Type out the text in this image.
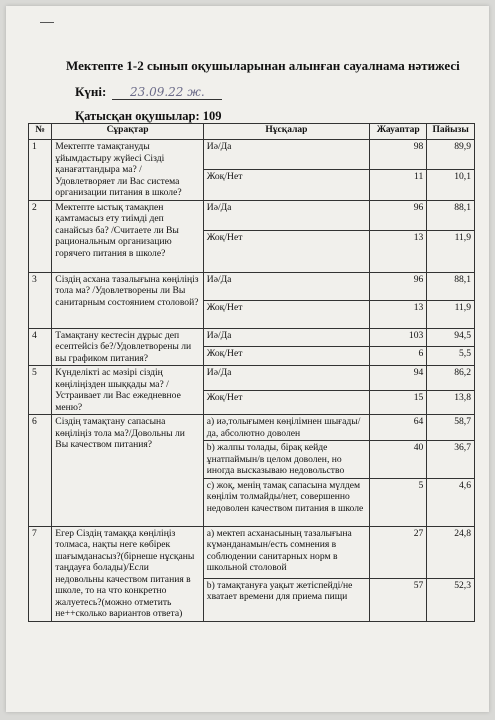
Мектепте 1-2 сынып оқушыларынан алынған сауалнама нәтижесі
Күні: 23.09.22 ж.
Қатысқан оқушылар: 109
№	Сұрақтар	Нұсқалар	Жауаптар	Пайызы
1	Мектепте тамақтануды ұйымдастыру жүйесі Сізді қанағаттандыра ма? /Удовлетворяет ли Вас система организации питания в школе?	Иә/Да	98	89,9
		Жоқ/Нет	11	10,1
2	Мектепте ыстық тамақпен қамтамасыз ету тиімді деп санайсыз ба? /Считаете ли Вы рациональным организацию горячего питания в школе?	Иә/Да	96	88,1
		Жоқ/Нет	13	11,9
3	Сіздің асхана тазалығына көңіліңіз тола ма? /Удовлетворены ли Вы санитарным состоянием столовой?	Иә/Да	96	88,1
		Жоқ/Нет	13	11,9
4	Тамақтану кестесін дұрыс деп есептейсіз бе?/Удовлетворены ли вы графиком питания?	Иә/Да	103	94,5
		Жоқ/Нет	6	5,5
5	Күнделікті ас мәзірі сіздің көңіліңізден шыққады ма? /Устраивает ли Вас ежедневное меню?	Иә/Да	94	86,2
		Жоқ/Нет	15	13,8
6	Сіздің тамақтану сапасына көңіліңіз тола ма?/Довольны ли Вы качеством питания?	а) иә,толығымен көңілімнен шығады/да, абсолютно доволен	64	58,7
		b) жалпы толады, бірақ кейде ұнатпаймын/в целом доволен, но иногда высказываю недовольство	40	36,7
		с) жоқ, менің тамақ сапасына мүлдем көңілім толмайды/нет, совершенно недоволен качеством питания в школе	5	4,6
7	Егер Сіздің тамаққа көңіліңіз толмаса, нақты неге көбірек шағымданасыз?(бірнеше нұсқаны таңдауға болады)/Если недовольны качеством питания в школе, то на что конкретно жалуетесь?(можно отметить не++сколько вариантов ответа)	а) мектеп асханасының тазалығына күмәнданамын/есть сомнения в соблюдении санитарных норм в школьной столовой	27	24,8
		b) тамақтануға уақыт жетіспейді/не хватает времени для приема пищи	57	52,3
